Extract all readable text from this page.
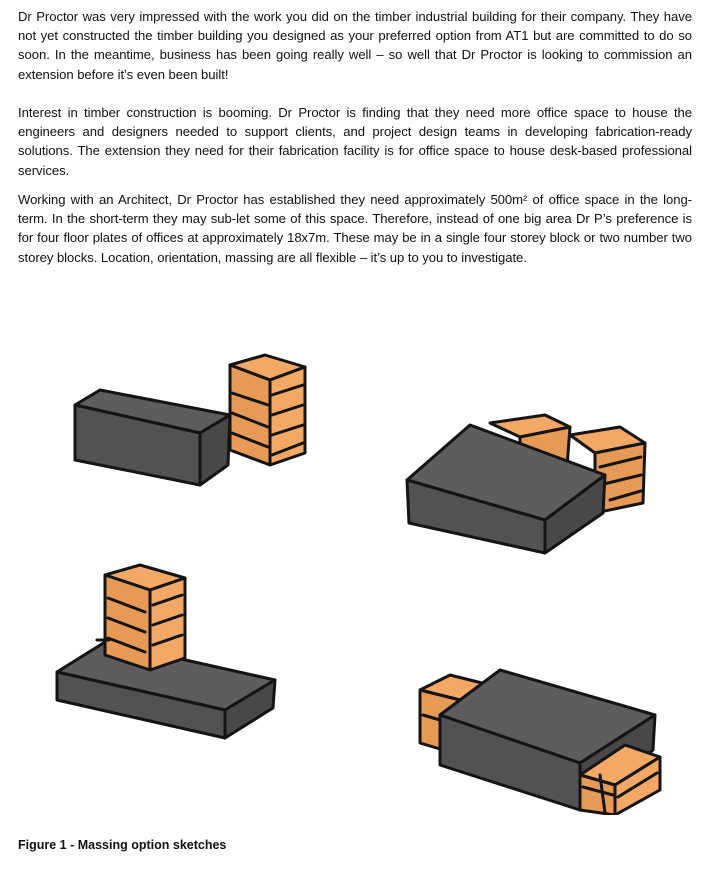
Dr Proctor was very impressed with the work you did on the timber industrial building for their company. They have not yet constructed the timber building you designed as your preferred option from AT1 but are committed to do so soon. In the meantime, business has been going really well – so well that Dr Proctor is looking to commission an extension before it’s even been built!

Interest in timber construction is booming. Dr Proctor is finding that they need more office space to house the engineers and designers needed to support clients, and project design teams in developing fabrication-ready solutions. The extension they need for their fabrication facility is for office space to house desk-based professional services.

Working with an Architect, Dr Proctor has established they need approximately 500m² of office space in the long-term. In the short-term they may sub-let some of this space. Therefore, instead of one big area Dr P’s preference is for four floor plates of offices at approximately 18x7m. These may be in a single four storey block or two number two storey blocks. Location, orientation, massing are all flexible – it’s up to you to investigate.

Figure 1 - Massing option sketches
